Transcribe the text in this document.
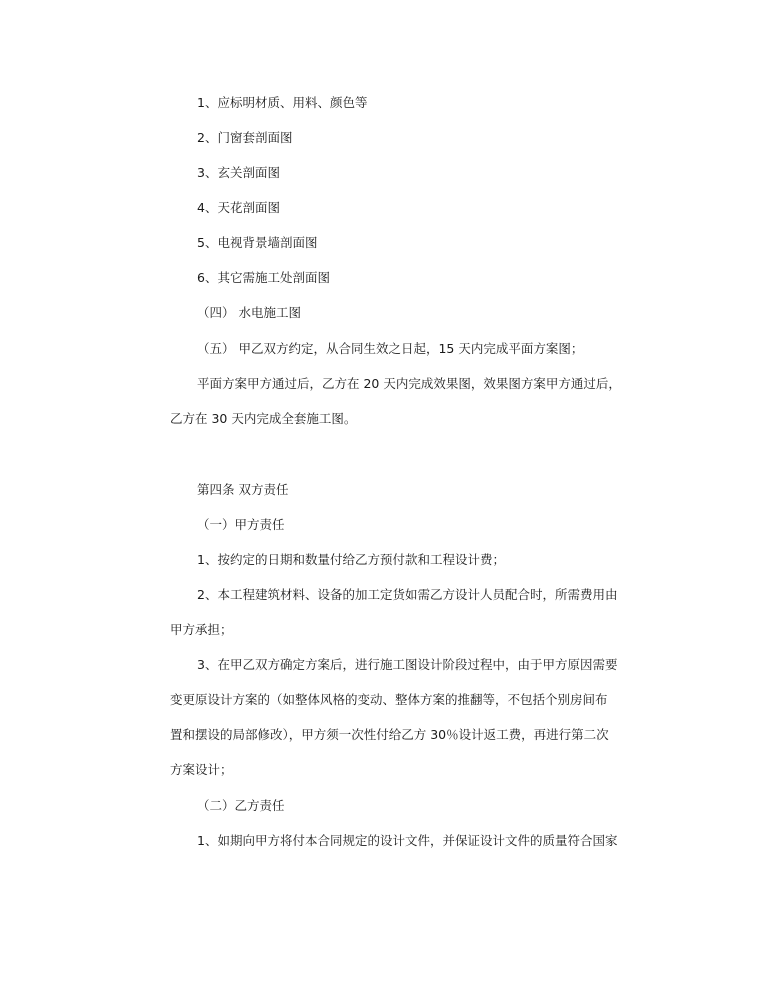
1、应标明材质、用料、颜色等
2、门窗套剖面图
3、玄关剖面图
4、天花剖面图
5、电视背景墙剖面图
6、其它需施工处剖面图
（四） 水电施工图
（五） 甲乙双方约定，从合同生效之日起，15 天内完成平面方案图；
平面方案甲方通过后，乙方在 20 天内完成效果图，效果图方案甲方通过后，
乙方在 30 天内完成全套施工图。
第四条 双方责任
（一）甲方责任
1、按约定的日期和数量付给乙方预付款和工程设计费；
2、本工程建筑材料、设备的加工定货如需乙方设计人员配合时，所需费用由
甲方承担；
3、在甲乙双方确定方案后，进行施工图设计阶段过程中，由于甲方原因需要
变更原设计方案的（如整体风格的变动、整体方案的推翻等，不包括个别房间布
置和摆设的局部修改），甲方须一次性付给乙方 30％设计返工费，再进行第二次
方案设计；
（二）乙方责任
1、如期向甲方将付本合同规定的设计文件，并保证设计文件的质量符合国家
